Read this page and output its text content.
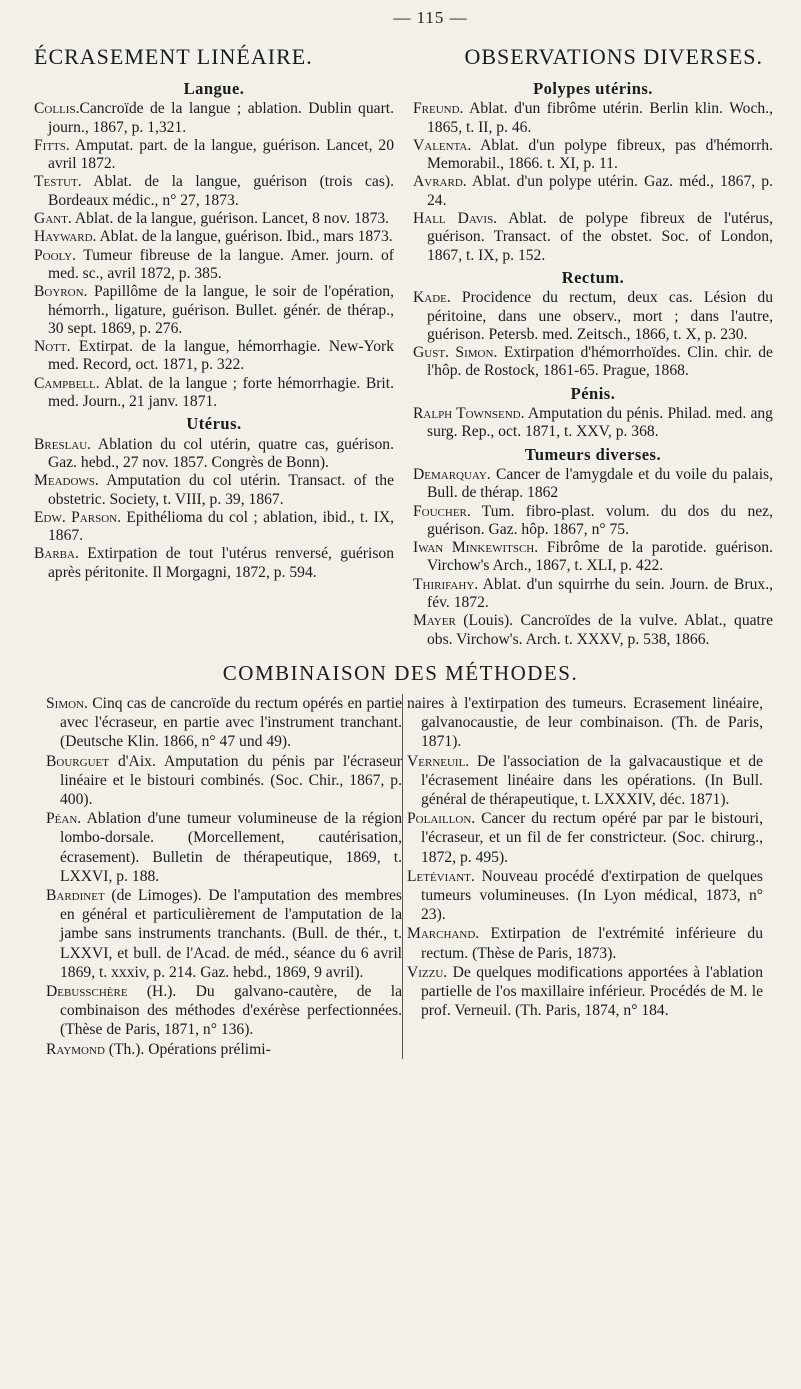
— 115 —
ÉCRASEMENT LINÉAIRE.	OBSERVATIONS DIVERSES.
Langue.

Collis.Cancroïde de la langue ; ablation. Dublin quart. journ., 1867, p. 1,321.

Fitts. Amputat. part. de la langue, guérison. Lancet, 20 avril 1872.

Testut. Ablat. de la langue, guérison (trois cas). Bordeaux médic., n° 27, 1873.

Gant. Ablat. de la langue, guérison. Lancet, 8 nov. 1873.

Hayward. Ablat. de la langue, guérison. Ibid., mars 1873.

Pooly. Tumeur fibreuse de la langue. Amer. journ. of med. sc., avril 1872, p. 385.

Boyron. Papillôme de la langue, le soir de l'opération, hémorrh., ligature, guérison. Bullet. génér. de thérap., 30 sept. 1869, p. 276.

Nott. Extirpat. de la langue, hémorrhagie. New-York med. Record, oct. 1871, p. 322.

Campbell. Ablat. de la langue ; forte hémorrhagie. Brit. med. Journ., 21 janv. 1871.

Utérus.

Breslau. Ablation du col utérin, quatre cas, guérison. Gaz. hebd., 27 nov. 1857. Congrès de Bonn).

Meadows. Amputation du col utérin. Transact. of the obstetric. Society, t. VIII, p. 39, 1867.

Edw. Parson. Epithélioma du col ; ablation, ibid., t. IX, 1867.

Barba. Extirpation de tout l'utérus renversé, guérison après péritonite. Il Morgagni, 1872, p. 594.

Polypes utérins.

Freund. Ablat. d'un fibrôme utérin. Berlin klin. Woch., 1865, t. II, p. 46.

Valenta. Ablat. d'un polype fibreux, pas d'hémorrh. Memorabil., 1866. t. XI, p. 11.

Avrard. Ablat. d'un polype utérin. Gaz. méd., 1867, p. 24.

Hall Davis. Ablat. de polype fibreux de l'utérus, guérison. Transact. of the obstet. Soc. of London, 1867, t. IX, p. 152.

Rectum.

Kade. Procidence du rectum, deux cas. Lésion du péritoine, dans une observ., mort ; dans l'autre, guérison. Petersb. med. Zeitsch., 1866, t. X, p. 230.

Gust. Simon. Extirpation d'hémorrhoïdes. Clin. chir. de l'hôp. de Rostock, 1861-65. Prague, 1868.

Pénis.

Ralph Townsend. Amputation du pénis. Philad. med. ang surg. Rep., oct. 1871, t. XXV, p. 368.

Tumeurs diverses.

Demarquay. Cancer de l'amygdale et du voile du palais, Bull. de thérap. 1862

Foucher. Tum. fibro-plast. volum. du dos du nez, guérison. Gaz. hôp. 1867, n° 75.

Iwan Minkewitsch. Fibrôme de la parotide. guérison. Virchow's Arch., 1867, t. XLI, p. 422.

Thirifahy. Ablat. d'un squirrhe du sein. Journ. de Brux., fév. 1872.

Mayer (Louis). Cancroïdes de la vulve. Ablat., quatre obs. Virchow's. Arch. t. XXXV, p. 538, 1866.

COMBINAISON DES MÉTHODES.

Simon. Cinq cas de cancroïde du rectum opérés en partie avec l'écraseur, en partie avec l'instrument tranchant. (Deutsche Klin. 1866, n° 47 und 49).

Bourguet d'Aix. Amputation du pénis par l'écraseur linéaire et le bistouri combinés. (Soc. Chir., 1867, p. 400).

Péan. Ablation d'une tumeur volumineuse de la région lombo-dorsale. (Morcellement, cautérisation, écrasement). Bulletin de thérapeutique, 1869, t. LXXVI, p. 188.

Bardinet (de Limoges). De l'amputation des membres en général et particulièrement de l'amputation de la jambe sans instruments tranchants. (Bull. de thér., t. LXXVI, et bull. de l'Acad. de méd., séance du 6 avril 1869, t. xxxiv, p. 214. Gaz. hebd., 1869, 9 avril).

Debusschère (H.). Du galvano-cautère, de la combinaison des méthodes d'exérèse perfectionnées. (Thèse de Paris, 1871, n° 136).

Raymond (Th.). Opérations prélimi-

naires à l'extirpation des tumeurs. Ecrasement linéaire, galvanocaustie, de leur combinaison. (Th. de Paris, 1871).

Verneuil. De l'association de la galvacaustique et de l'écrasement linéaire dans les opérations. (In Bull. général de thérapeutique, t. LXXXIV, déc. 1871).

Polaillon. Cancer du rectum opéré par par le bistouri, l'écraseur, et un fil de fer constricteur. (Soc. chirurg., 1872, p. 495).

Letéviant. Nouveau procédé d'extirpation de quelques tumeurs volumineuses. (In Lyon médical, 1873, n° 23).

Marchand. Extirpation de l'extrémité inférieure du rectum. (Thèse de Paris, 1873).

Vizzu. De quelques modifications apportées à l'ablation partielle de l'os maxillaire inférieur. Procédés de M. le prof. Verneuil. (Th. Paris, 1874, n° 184.
